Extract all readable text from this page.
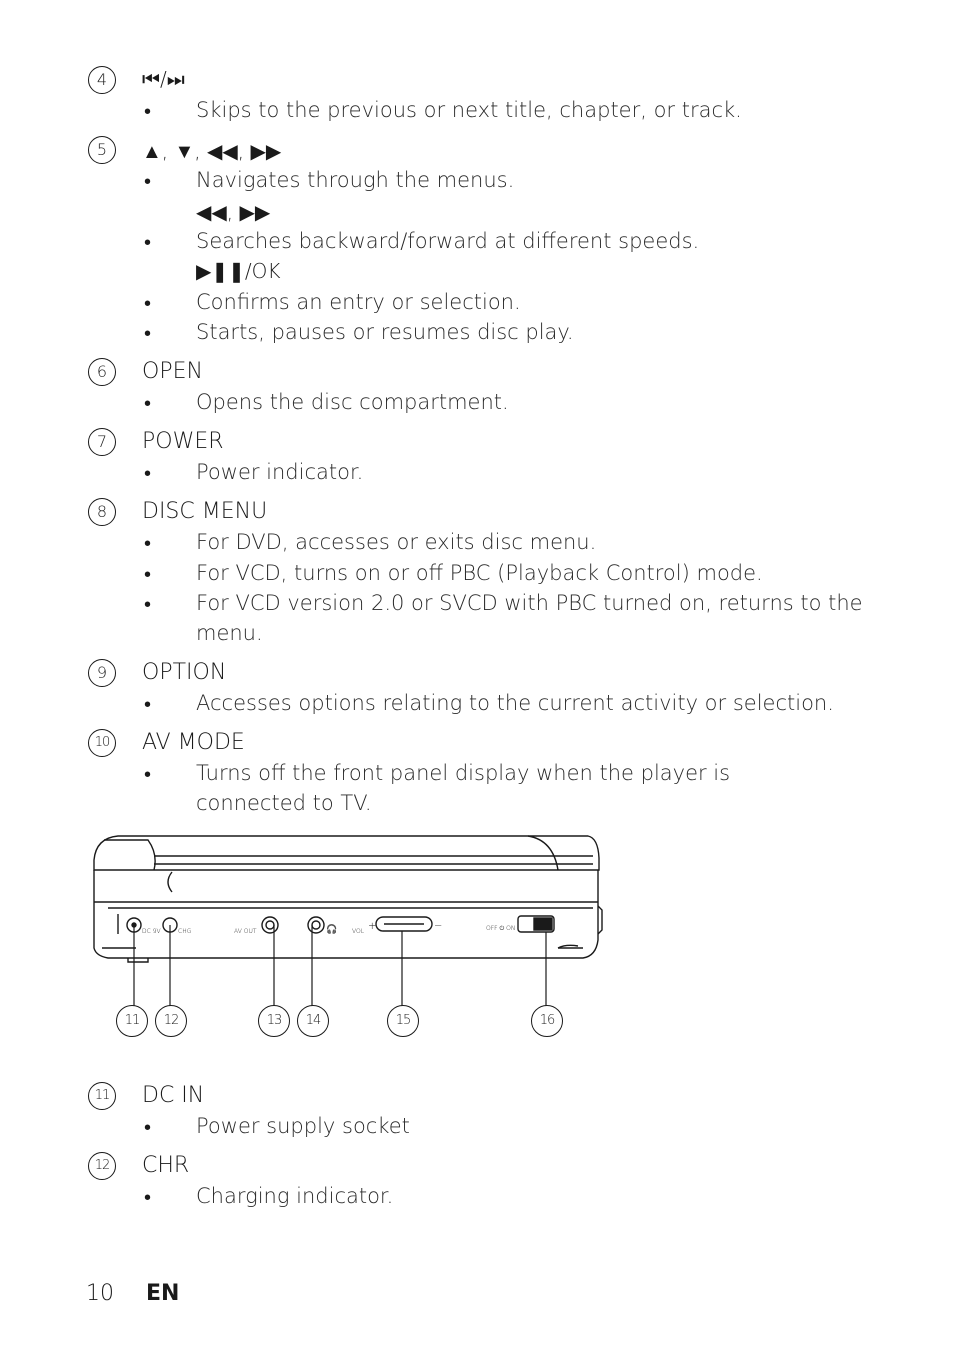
4	⏮/⏭
• Skips to the previous or next title, chapter, or track.
5	▲, ▼, ◀◀, ▶▶
• Navigates through the menus.
◀◀, ▶▶
• Searches backward/forward at different speeds.
▶❚❚/OK
• Confirms an entry or selection.
• Starts, pauses or resumes disc play.
6	OPEN
• Opens the disc compartment.
7	POWER
• Power indicator.
8	DISC MENU
• For DVD, accesses or exits disc menu.
• For VCD, turns on or off PBC (Playback Control) mode.
• For VCD version 2.0 or SVCD with PBC turned on, returns to the menu.
9	OPTION
• Accesses options relating to the current activity or selection.
10	AV MODE
• Turns off the front panel display when the player is connected to TV.
DC 9V	CHG	AV OUT	🎧 VOL +	−	OFF ⏻ ON
11	12	13	14	15	16
11	DC IN
• Power supply socket
12	CHR
• Charging indicator.
10 EN
